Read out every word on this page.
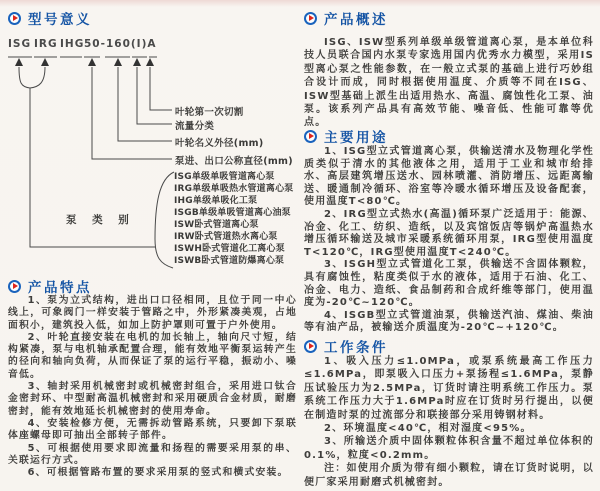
型号意义
ISG IRG IHG 50-160(I)A
叶轮第一次切割
流量分类
叶轮名义外径(mm)
泵进、出口公称直径(mm)
泵 类 别
ISG单级单吸管道离心泵
IRG单级单吸热水管道离心泵
IHG单级单吸化工泵
ISGB单级单吸管道离心油泵
ISW卧式管道离心泵
IRW卧式管道热水离心泵
ISWH卧式管道化工离心泵
ISWB卧式管道防爆离心泵
产品特点

1、泵为立式结构，进出口口径相同，且位于同一中心线上，可象阀门一样安装于管路之中，外形紧凑美观，占地面积小，建筑投入低，如加上防护罩则可置于户外使用。

2、叶轮直接安装在电机的加长轴上，轴向尺寸短，结构紧凑，泵与电机轴承配置合理，能有效地平衡泵运转产生的径向和轴向负荷，从而保证了泵的运行平稳，振动小、噪音低。

3、轴封采用机械密封或机械密封组合，采用进口钛合金密封环、中型耐高温机械密封和采用硬质合金材质，耐磨密封，能有效地延长机械密封的使用寿命。

4、安装检修方便，无需拆动管路系统，只要卸下泵联体座螺母即可抽出全部转子部件。

5、可根据使用要求即流量和扬程的需要采用泵的串、关联运行方式。

6、可根据管路布置的要求采用泵的竖式和横式安装。

产品概述

ISG、ISW型系列单级单级管道离心泵，是本单位科技人员联合国内水泵专家选用国内优秀水力模型，采用IS型离心泵之性能参数，在一般立式泵的基础上进行巧妙组合设计而成，同时根据使用温度、介质等不同在ISG、ISW型基础上派生出适用热水、高温、腐蚀性化工泵、油泵。该系列产品具有高效节能、噪音低、性能可靠等优点。

主要用途

1、ISG型立式管道离心泵，供输送清水及物理化学性质类似于清水的其他液体之用，适用于工业和城市给排水、高层建筑增压送水、园林喷灌、消防增压、远距离输送、暖通制冷循环、浴室等冷暖水循环增压及设备配套，使用温度T<80℃。

2、IRG型立式热水(高温)循环泵广泛适用于：能源、冶金、化工、纺织、造纸，以及宾馆饭店等锅炉高温热水增压循环输送及城市采暖系统循环用泵，IRG型使用温度T<120℃，IRG型使用温度T<240℃。

3、ISGH型立式管道化工泵，供输送不含固体颗粒，具有腐蚀性，粘度类似于水的液体，适用于石油、化工、冶金、电力、造纸、食品制药和合成纤维等部门，使用温度为-20℃~120℃。

4、ISGB型立式管道油泵，供输送汽油、煤油、柴油等有油产品，被输送介质温度为-20℃~+120℃。

工作条件

1、吸入压力≤1.0MPa，或泵系统最高工作压力≤1.6MPa，即泵吸入口压力+泵扬程≤1.6MPa，泵静压试验压力为2.5MPa，订货时请注明系统工作压力。泵系统工作压力大于1.6MPa时应在订货时另行提出，以便在制造时泵的过流部分和联接部分采用铸钢材料。

2、环境温度<40℃，相对湿度<95%。

3、所输送介质中固体颗粒体积含量不超过单位体积的0.1%，粒度<0.2mm。

注：如使用介质为带有细小颗粒，请在订货时说明，以便厂家采用耐磨式机械密封。
